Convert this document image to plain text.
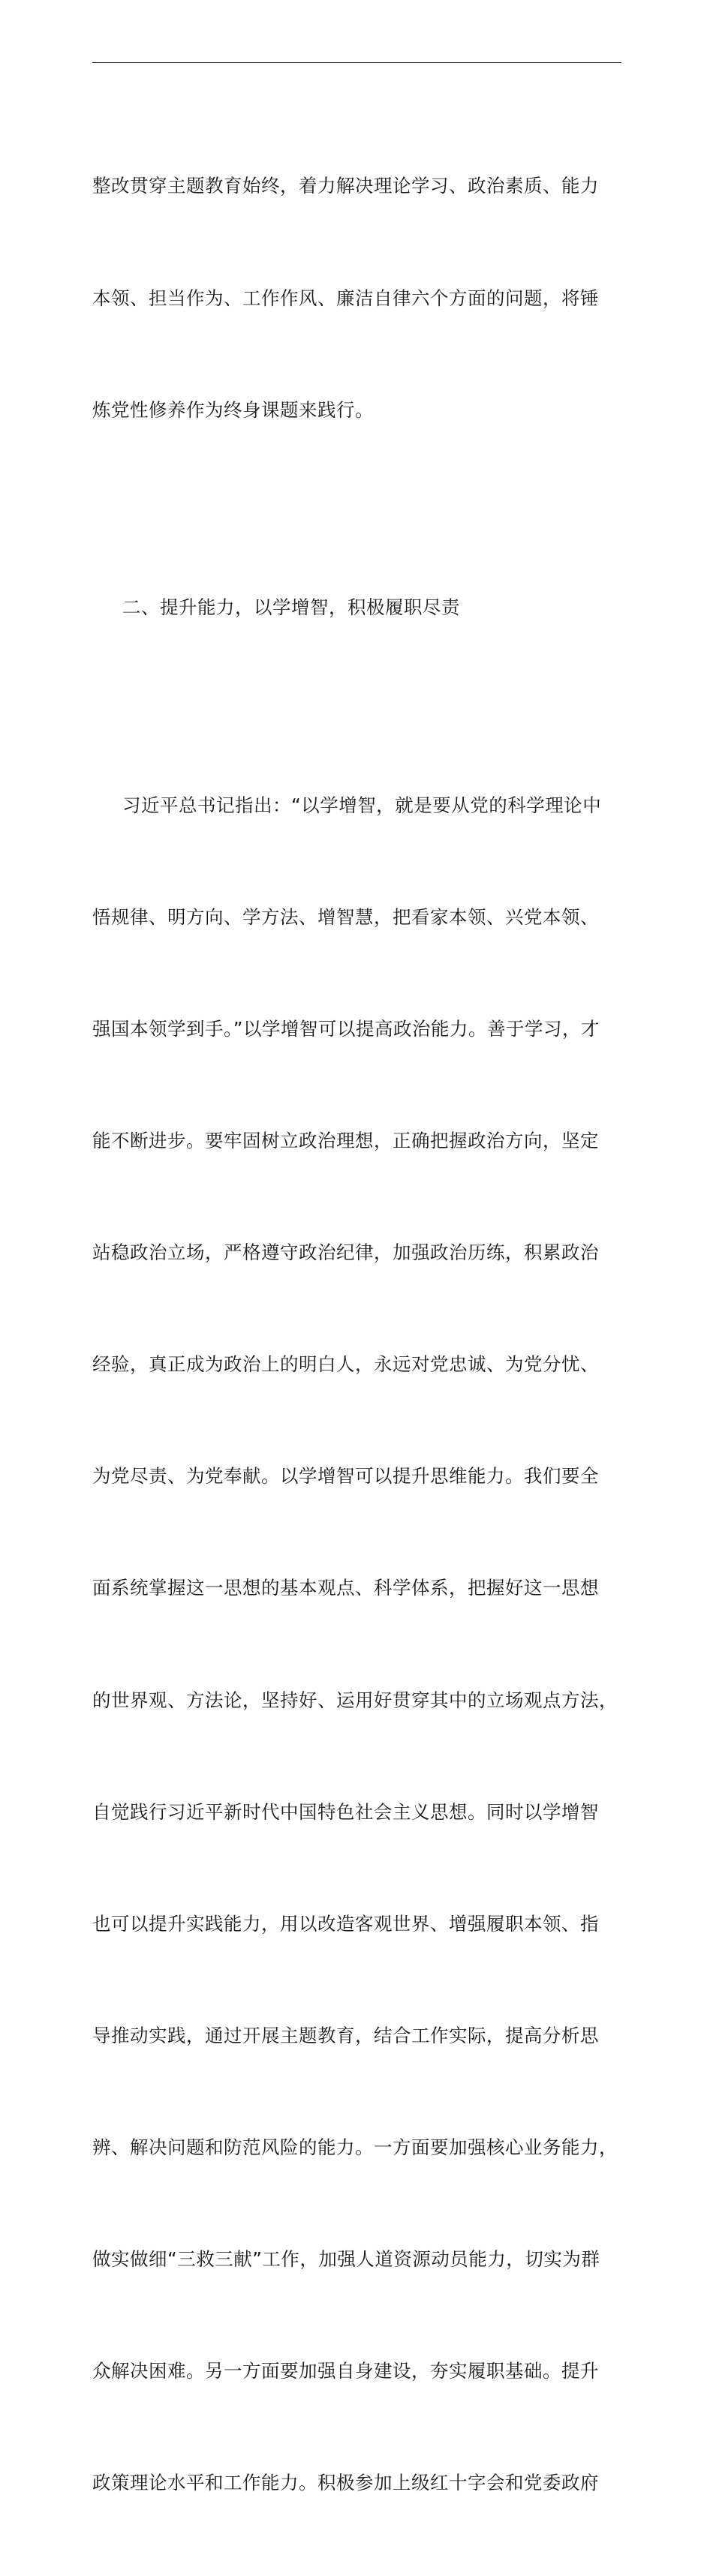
整改贯穿主题教育始终，着力解决理论学习、政治素质、能力

本领、担当作为、工作作风、廉洁自律六个方面的问题，将锤

炼党性修养作为终身课题来践行。

二、提升能力，以学增智，积极履职尽责

习近平总书记指出：“以学增智，就是要从党的科学理论中

悟规律、明方向、学方法、增智慧，把看家本领、兴党本领、

强国本领学到手。”以学增智可以提高政治能力。善于学习，才

能不断进步。要牢固树立政治理想，正确把握政治方向，坚定

站稳政治立场，严格遵守政治纪律，加强政治历练，积累政治

经验，真正成为政治上的明白人，永远对党忠诚、为党分忧、

为党尽责、为党奉献。以学增智可以提升思维能力。我们要全

面系统掌握这一思想的基本观点、科学体系，把握好这一思想

的世界观、方法论，坚持好、运用好贯穿其中的立场观点方法，

自觉践行习近平新时代中国特色社会主义思想。同时以学增智

也可以提升实践能力，用以改造客观世界、增强履职本领、指

导推动实践，通过开展主题教育，结合工作实际，提高分析思

辨、解决问题和防范风险的能力。一方面要加强核心业务能力，

做实做细“三救三献”工作，加强人道资源动员能力，切实为群

众解决困难。另一方面要加强自身建设，夯实履职基础。提升

政策理论水平和工作能力。积极参加上级红十字会和党委政府
